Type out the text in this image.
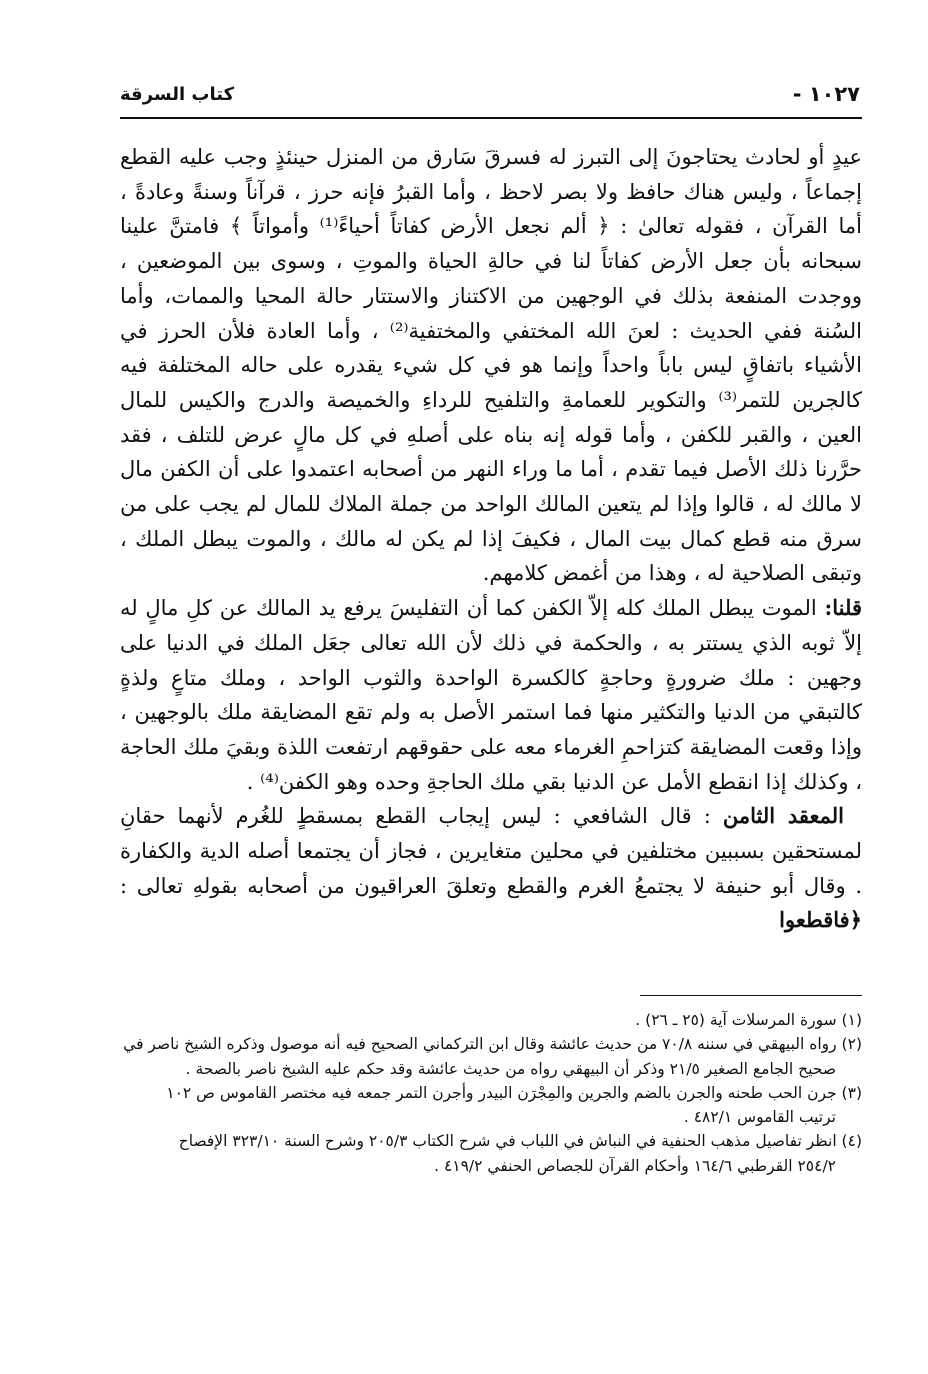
١٠٢٧ -
كتاب السرقة

عيدٍ أو لحادث يحتاجونَ إلى التبرز له فسرقَ سَارق من المنزل حينئذٍ وجب عليه القطع إجماعاً ، وليس هناك حافظ ولا بصر لاحظ ، وأما القبرُ فإنه حرز ، قرآناً وسنةً وعادةً ، أما القرآن ، فقوله تعالىٰ : ﴿ ألم نجعل الأرض كفاتاً أحياءً⁽¹⁾ وأمواتاً ﴾ فامتنَّ علينا سبحانه بأن جعل الأرض كفاتاً لنا في حالةِ الحياة والموتِ ، وسوى بين الموضعين ، ووجدت المنفعة بذلك في الوجهين من الاكتناز والاستتار حالة المحيا والممات، وأما السُنة ففي الحديث : لعنَ الله المختفي والمختفية⁽²⁾ ، وأما العادة فلأن الحرز في الأشياء باتفاقٍ ليس باباً واحداً وإنما هو في كل شيء يقدره على حاله المختلفة فيه كالجرين للتمر⁽³⁾ والتكوير للعمامةِ والتلفيح للرداءِ والخميصة والدرج والكيس للمال العين ، والقبر للكفن ، وأما قوله إنه بناه على أصلهِ في كل مالٍ عرض للتلف ، فقد حرَّرنا ذلك الأصل فيما تقدم ، أما ما وراء النهر من أصحابه اعتمدوا على أن الكفن مال لا مالك له ، قالوا وإذا لم يتعين المالك الواحد من جملة الملاك للمال لم يجب على من سرق منه قطع كمال بيت المال ، فكيفَ إذا لم يكن له مالك ، والموت يبطل الملك ، وتبقى الصلاحية له ، وهذا من أغمض كلامهم.

قلنا: الموت يبطل الملك كله إلاّ الكفن كما أن التفليسَ يرفع يد المالك عن كلِ مالٍ له إلاّ ثوبه الذي يستتر به ، والحكمة في ذلك لأن الله تعالى جعَل الملك في الدنيا على وجهين : ملك ضرورةٍ وحاجةٍ كالكسرة الواحدة والثوب الواحد ، وملك متاعٍ ولذةٍ كالتبقي من الدنيا والتكثير منها فما استمر الأصل به ولم تقع المضايقة ملك بالوجهين ، وإذا وقعت المضايقة كتزاحمِ الغرماء معه على حقوقهم ارتفعت اللذة وبقيَ ملك الحاجة ، وكذلك إذا انقطع الأمل عن الدنيا بقي ملك الحاجةِ وحده وهو الكفن⁽⁴⁾ .

المعقد الثامن : قال الشافعي : ليس إيجاب القطع بمسقطٍ للغُرم لأنهما حقانِ لمستحقين بسببين مختلفين في محلين متغايرين ، فجاز أن يجتمعا أصله الدية والكفارة . وقال أبو حنيفة لا يجتمعُ الغرم والقطع وتعلقَ العراقيون من أصحابه بقولهِ تعالى : ﴿فاقطعوا

(١) سورة المرسلات آية (٢٥ ـ ٢٦) .

(٢) رواه البيهقي في سننه ٧٠/٨ من حديث عائشة وقال ابن التركماني الصحيح فيه أنه موصول وذكره الشيخ ناصر في

صحيح الجامع الصغير ٢١/٥ وذكر أن البيهقي رواه من حديث عائشة وقد حكم عليه الشيخ ناصر بالصحة .

(٣) جرن الحب طحنه والجرن بالضم والجرين والمِجْرَن البيدر وأجرن التمر جمعه فيه مختصر القاموس ص ١٠٢

ترتيب القاموس ٤٨٢/١ .

(٤) انظر تفاصيل مذهب الحنفية في النباش في اللباب في شرح الكتاب ٢٠٥/٣ وشرح السنة ٣٢٣/١٠ الإفصاح

٢٥٤/٢ القرطبي ١٦٤/٦ وأحكام القرآن للجصاص الحنفي ٤١٩/٢ .
